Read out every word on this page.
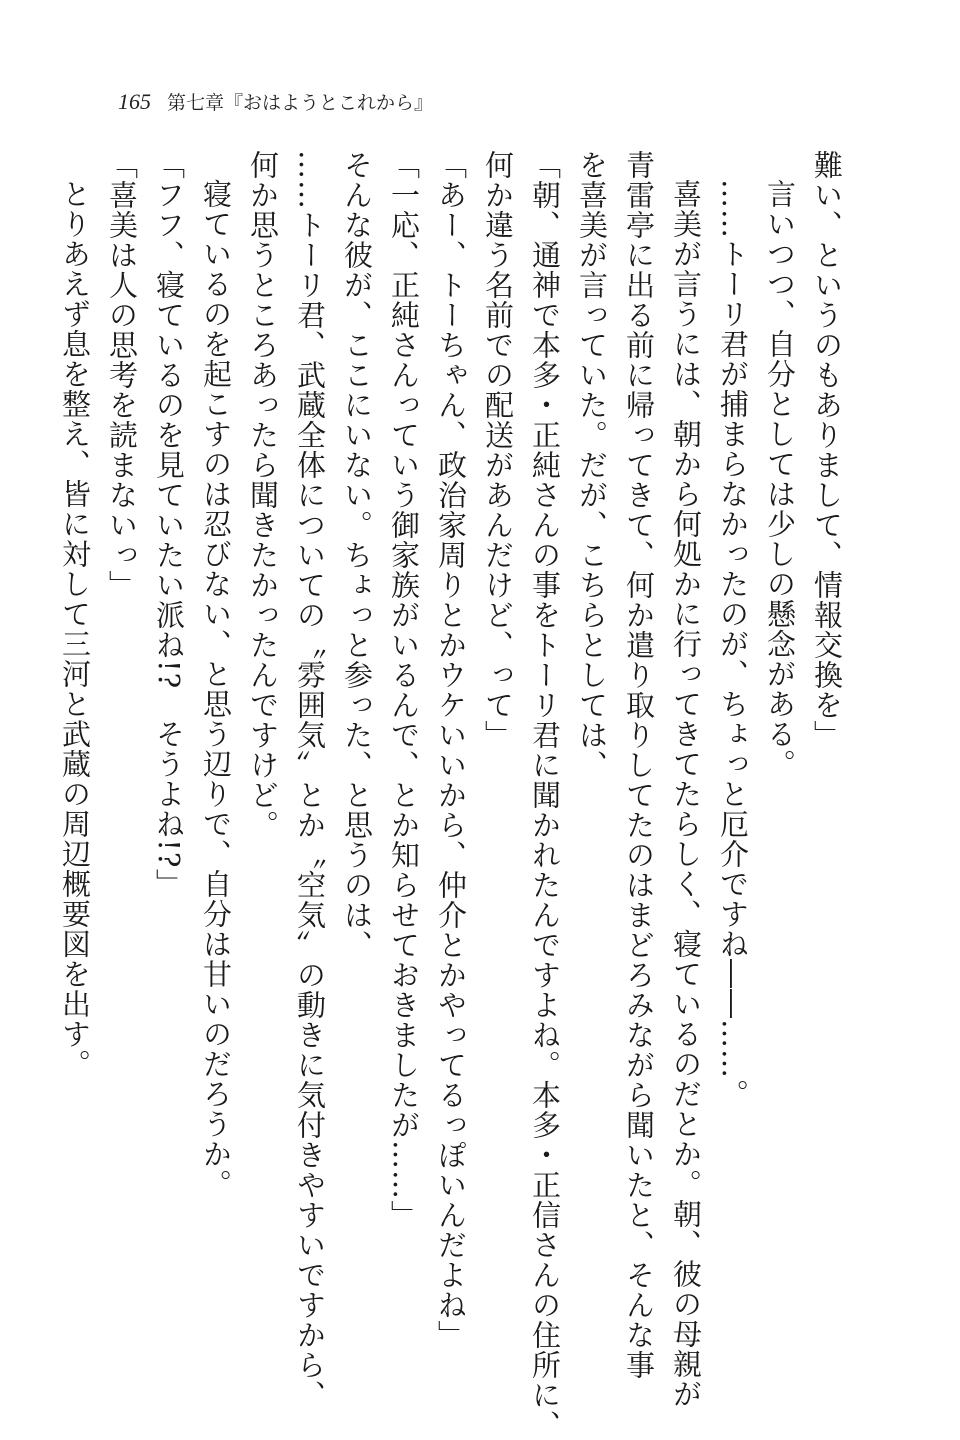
165 第七章『おはようとこれから』
難い、というのもありまして、情報交換を」
言いつつ、自分としては少しの懸念がある。
……トーリ君が捕まらなかったのが、ちょっと厄介ですね――……。
喜美が言うには、朝から何処かに行ってきてたらしく、寝ているのだとか。朝、彼の母親が
青雷亭に出る前に帰ってきて、何か遣り取りしてたのはまどろみながら聞いたと、そんな事
を喜美が言っていた。だが、こちらとしては、
「朝、通神で本多・正純さんの事をトーリ君に聞かれたんですよね。本多・正信さんの住所に、
何か違う名前での配送があんだけど、って」
「あー、トーちゃん、政治家周りとかウケいいから、仲介とかやってるっぽいんだよね」
「一応、正純さんっていう御家族がいるんで、とか知らせておきましたが……」
そんな彼が、ここにいない。ちょっと参った、と思うのは、
……トーリ君、武蔵全体についての〝雰囲気〟とか〝空気〟の動きに気付きやすいですから、
何か思うところあったら聞きたかったんですけど。
寝ているのを起こすのは忍びない、と思う辺りで、自分は甘いのだろうか。
「フフ、寝ているのを見ていたい派ね!?　そうよね!?」
「喜美は人の思考を読まないっ」
とりあえず息を整え、皆に対して三河と武蔵の周辺概要図を出す。
